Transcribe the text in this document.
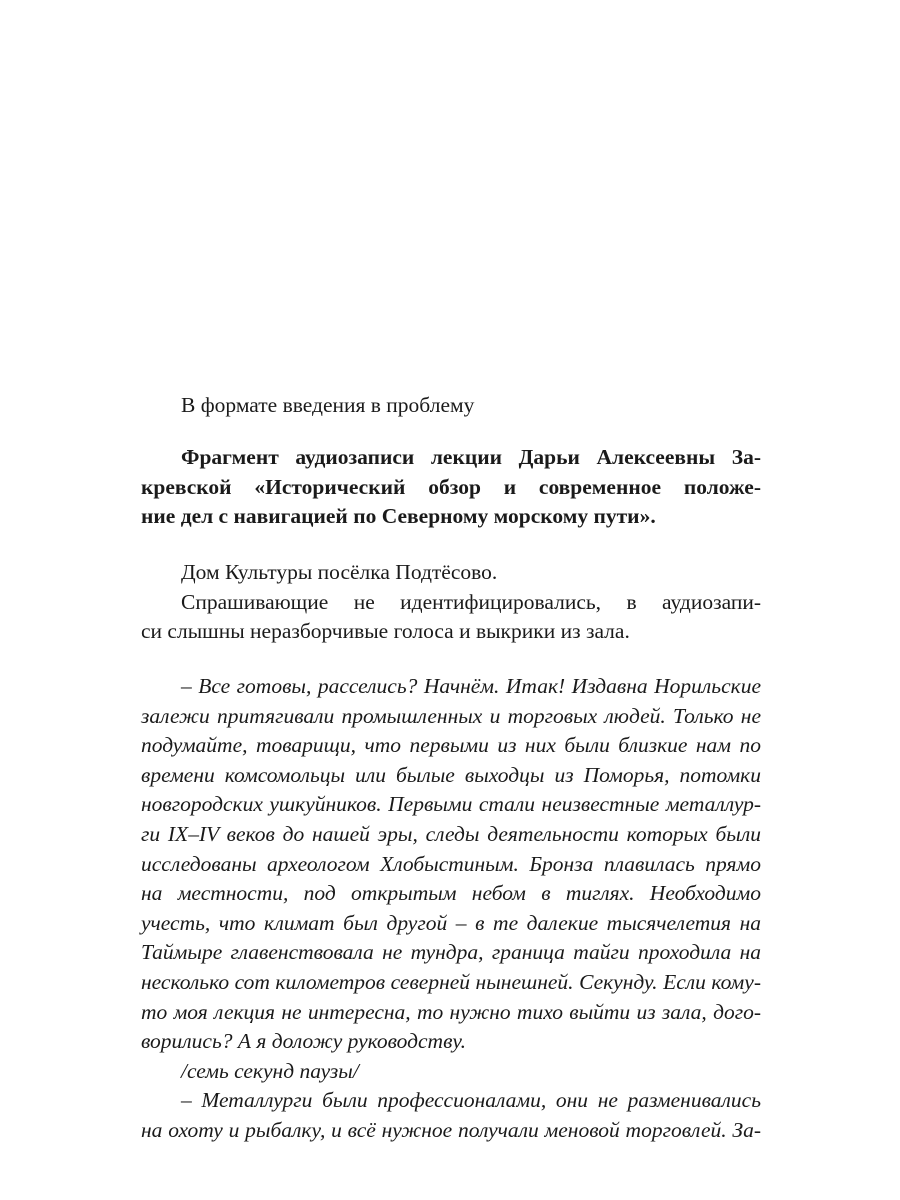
В формате введения в проблему
Фрагмент аудиозаписи лекции Дарьи Алексеевны За-
кревской «Исторический обзор и современное положе-
ние дел с навигацией по Северному морскому пути».
Дом Культуры посёлка Подтёсово.
Спрашивающие не идентифицировались, в аудиозапи-
си слышны неразборчивые голоса и выкрики из зала.
– Все готовы, расселись? Начнём. Итак! Издавна Норильские
залежи притягивали промышленных и торговых людей. Только не
подумайте, товарищи, что первыми из них были близкие нам по
времени комсомольцы или былые выходцы из Поморья, потомки
новгородских ушкуйников. Первыми стали неизвестные металлур-
ги IX–IV веков до нашей эры, следы деятельности которых были
исследованы археологом Хлобыстиным. Бронза плавилась прямо
на местности, под открытым небом в тиглях. Необходимо
учесть, что климат был другой – в те далекие тысячелетия на
Таймыре главенствовала не тундра, граница тайги проходила на
несколько сот километров северней нынешней. Секунду. Если кому-
то моя лекция не интересна, то нужно тихо выйти из зала, дого-
ворились? А я доложу руководству.
/семь секунд паузы/
– Металлурги были профессионалами, они не разменивались
на охоту и рыбалку, и всё нужное получали меновой торговлей. За-
